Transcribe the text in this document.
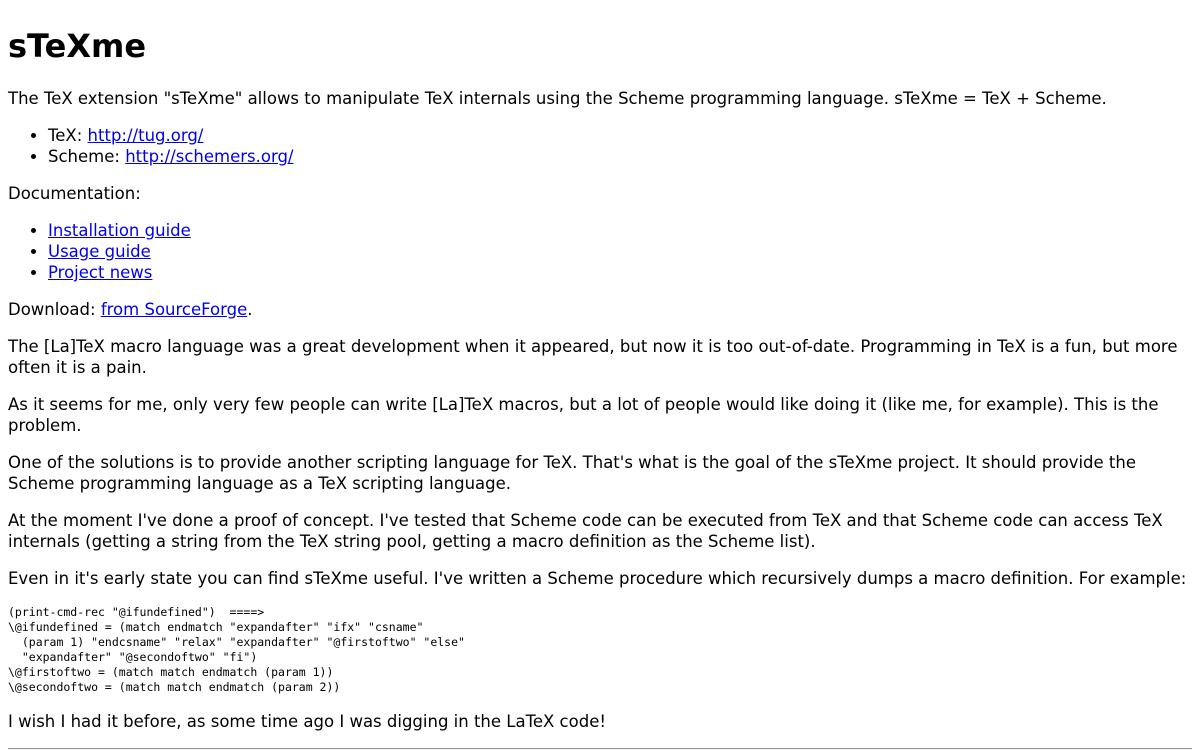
sTeXme

The TeX extension "sTeXme" allows to manipulate TeX internals using the Scheme programming language. sTeXme = TeX + Scheme.

• TeX: http://tug.org/
• Scheme: http://schemers.org/

Documentation:

• Installation guide
• Usage guide
• Project news

Download: from SourceForge.

The [La]TeX macro language was a great development when it appeared, but now it is too out-of-date. Programming in TeX is a fun, but more often it is a pain.

As it seems for me, only very few people can write [La]TeX macros, but a lot of people would like doing it (like me, for example). This is the problem.

One of the solutions is to provide another scripting language for TeX. That's what is the goal of the sTeXme project. It should provide the Scheme programming language as a TeX scripting language.

At the moment I've done a proof of concept. I've tested that Scheme code can be executed from TeX and that Scheme code can access TeX internals (getting a string from the TeX string pool, getting a macro definition as the Scheme list).

Even in it's early state you can find sTeXme useful. I've written a Scheme procedure which recursively dumps a macro definition. For example:

(print-cmd-rec "@ifundefined")  ====>
\@ifundefined = (match endmatch "expandafter" "ifx" "csname"
(param 1) "endcsname" "relax" "expandafter" "@firstoftwo" "else"
"expandafter" "@secondoftwo" "fi")
\@firstoftwo = (match match endmatch (param 1))
\@secondoftwo = (match match endmatch (param 2))

I wish I had it before, as some time ago I was digging in the LaTeX code!
